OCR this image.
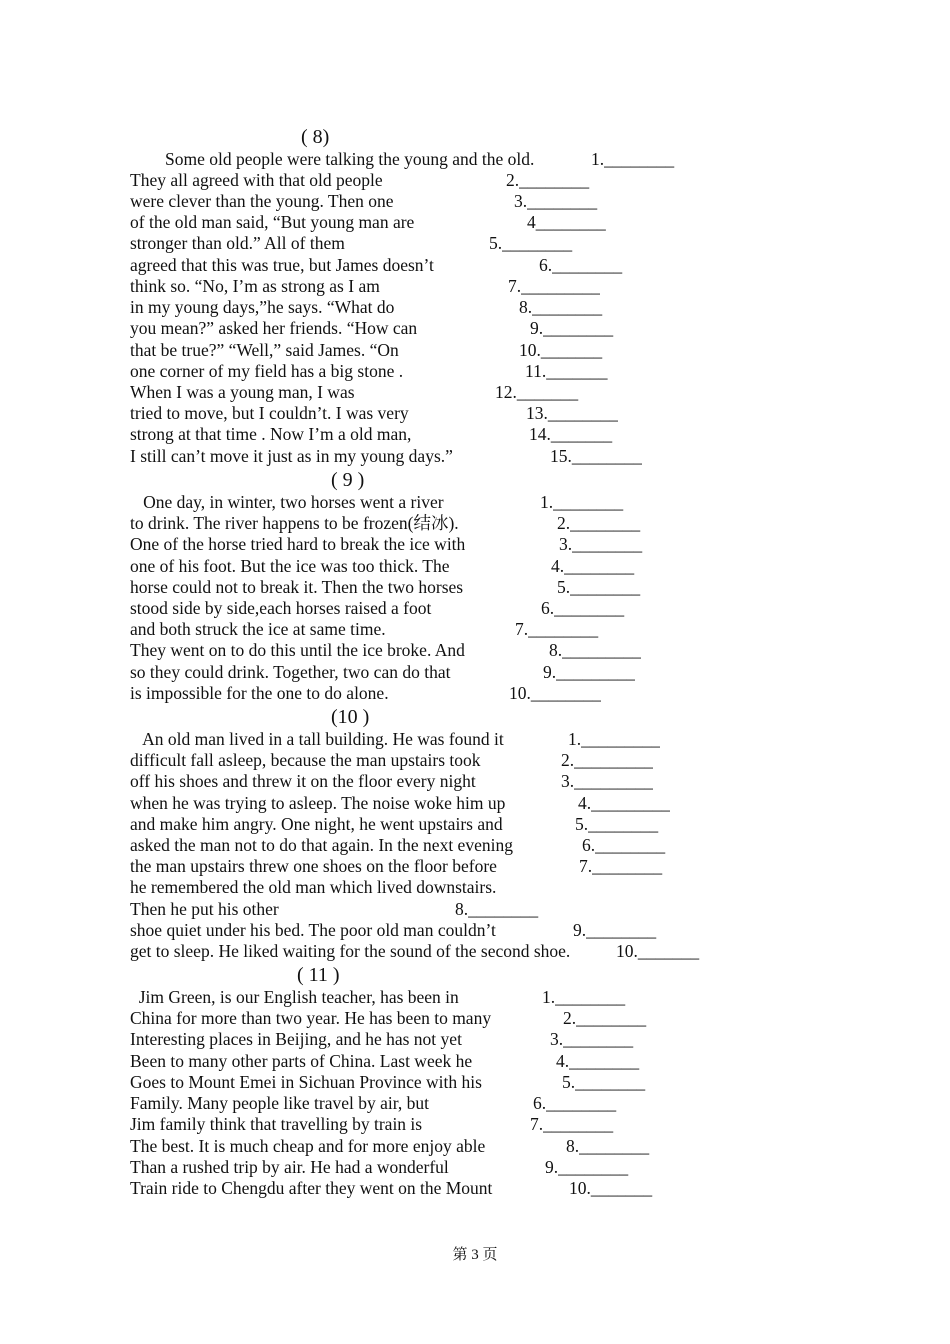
( 8)
Some old people were talking the young and the old.	1.________
They all agreed with that old people	2.________
were clever than the young. Then one	3.________
of the old man said, “But young man are	4________
stronger than old.” All of them	5.________
agreed that this was true, but James doesn’t	6.________
think so. “No, I’m as strong as I am	7._________
in my young days,”he says. “What do	8.________
you mean?” asked her friends. “How can	9.________
that be true?” “Well,” said James. “On	10._______
one corner of my field has a big stone .	11._______
When I was a young man, I was	12._______
tried to move, but I couldn’t. I was very	13.________
strong at that time . Now I’m a old man,	14._______
I still can’t move it just as in my young days.”	15.________
( 9 )
One day, in winter, two horses went a river	1.________
to drink. The river happens to be frozen(结冰).	2.________
One of the horse tried hard to break the ice with	3.________
one of his foot. But the ice was too thick. The	4.________
horse could not to break it. Then the two horses	5.________
stood side by side,each horses raised a foot	6.________
and both struck the ice at same time.	7.________
They went on to do this until the ice broke. And	8._________
so they could drink. Together, two can do that	9._________
is impossible for the one to do alone.	10.________
(10 )
An old man lived in a tall building. He was found it	1._________
difficult fall asleep, because the man upstairs took	2._________
off his shoes and threw it on the floor every night	3._________
when he was trying to asleep. The noise woke him up	4._________
and make him angry. One night, he went upstairs and	5.________
asked the man not to do that again. In the next evening	6.________
the man upstairs threw one shoes on the floor before	7.________
he remembered the old man which lived downstairs.
Then he put his other	8.________
shoe quiet under his bed. The poor old man couldn’t	9.________
get to sleep. He liked waiting for the sound of the second shoe.	10._______
( 11 )
Jim Green, is our English teacher, has been in	1.________
China for more than two year. He has been to many	2.________
Interesting places in Beijing, and he has not yet	3.________
Been to many other parts of China. Last week he	4.________
Goes to Mount Emei in Sichuan Province with his	5.________
Family. Many people like travel by air, but	6.________
Jim family think that travelling by train is	7.________
The best. It is much cheap and for more enjoy able	8.________
Than a rushed trip by air. He had a wonderful	9.________
Train ride to Chengdu after they went on the Mount	10._______
第 3 页
